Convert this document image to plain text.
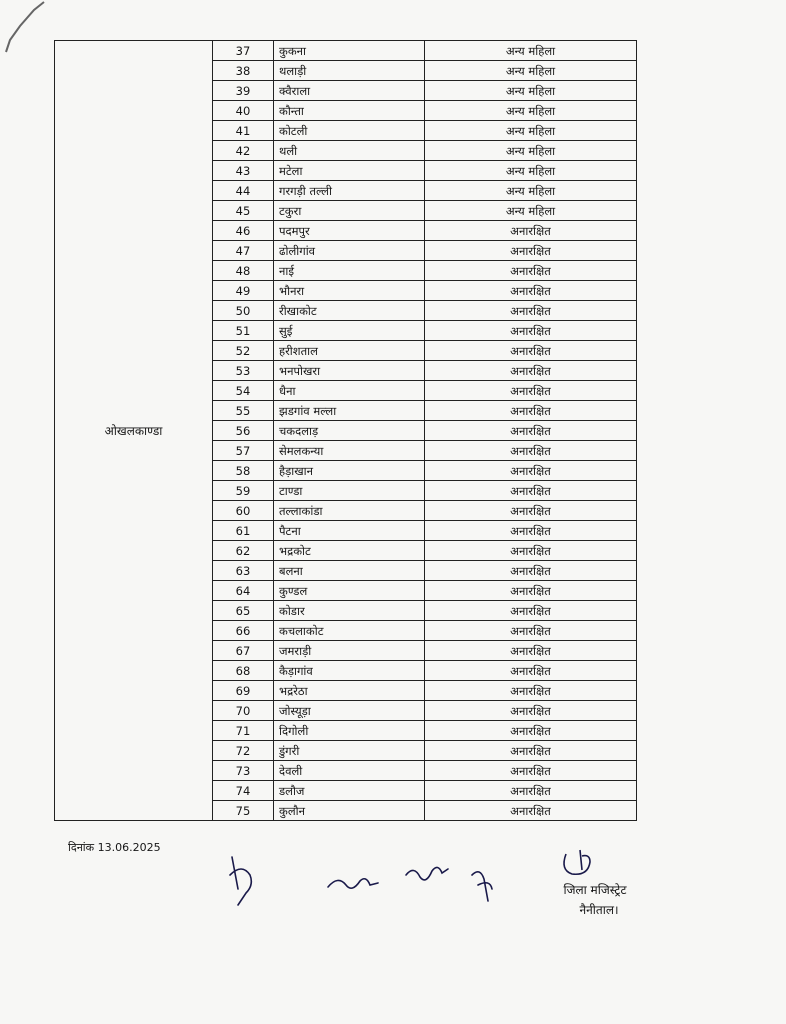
ओखलकाण्डा	37	कुकना	अन्य महिला
	38	थलाड़ी	अन्य महिला
	39	क्वैराला	अन्य महिला
	40	कौन्ता	अन्य महिला
	41	कोटली	अन्य महिला
	42	थली	अन्य महिला
	43	मटेला	अन्य महिला
	44	गरगड़ी तल्ली	अन्य महिला
	45	टकुरा	अन्य महिला
	46	पदमपुर	अनारक्षित
	47	ढोलीगांव	अनारक्षित
	48	नाई	अनारक्षित
	49	भौनरा	अनारक्षित
	50	रीखाकोट	अनारक्षित
	51	सुई	अनारक्षित
	52	हरीशताल	अनारक्षित
	53	भनपोखरा	अनारक्षित
	54	धैना	अनारक्षित
	55	झडगांव मल्ला	अनारक्षित
	56	चकदलाड़	अनारक्षित
	57	सेमलकन्या	अनारक्षित
	58	हैड़ाखान	अनारक्षित
	59	टाण्डा	अनारक्षित
	60	तल्लाकांडा	अनारक्षित
	61	पैटना	अनारक्षित
	62	भद्रकोट	अनारक्षित
	63	बलना	अनारक्षित
	64	कुण्डल	अनारक्षित
	65	कोडार	अनारक्षित
	66	कचलाकोट	अनारक्षित
	67	जमराड़ी	अनारक्षित
	68	कैड़ागांव	अनारक्षित
	69	भद्ररेठा	अनारक्षित
	70	जोस्यूड़ा	अनारक्षित
	71	दिगोली	अनारक्षित
	72	डुंगरी	अनारक्षित
	73	देवली	अनारक्षित
	74	डलौज	अनारक्षित
	75	कुलौन	अनारक्षित
दिनांक 13.06.2025
जिला मजिस्ट्रेट
नैनीताल।
